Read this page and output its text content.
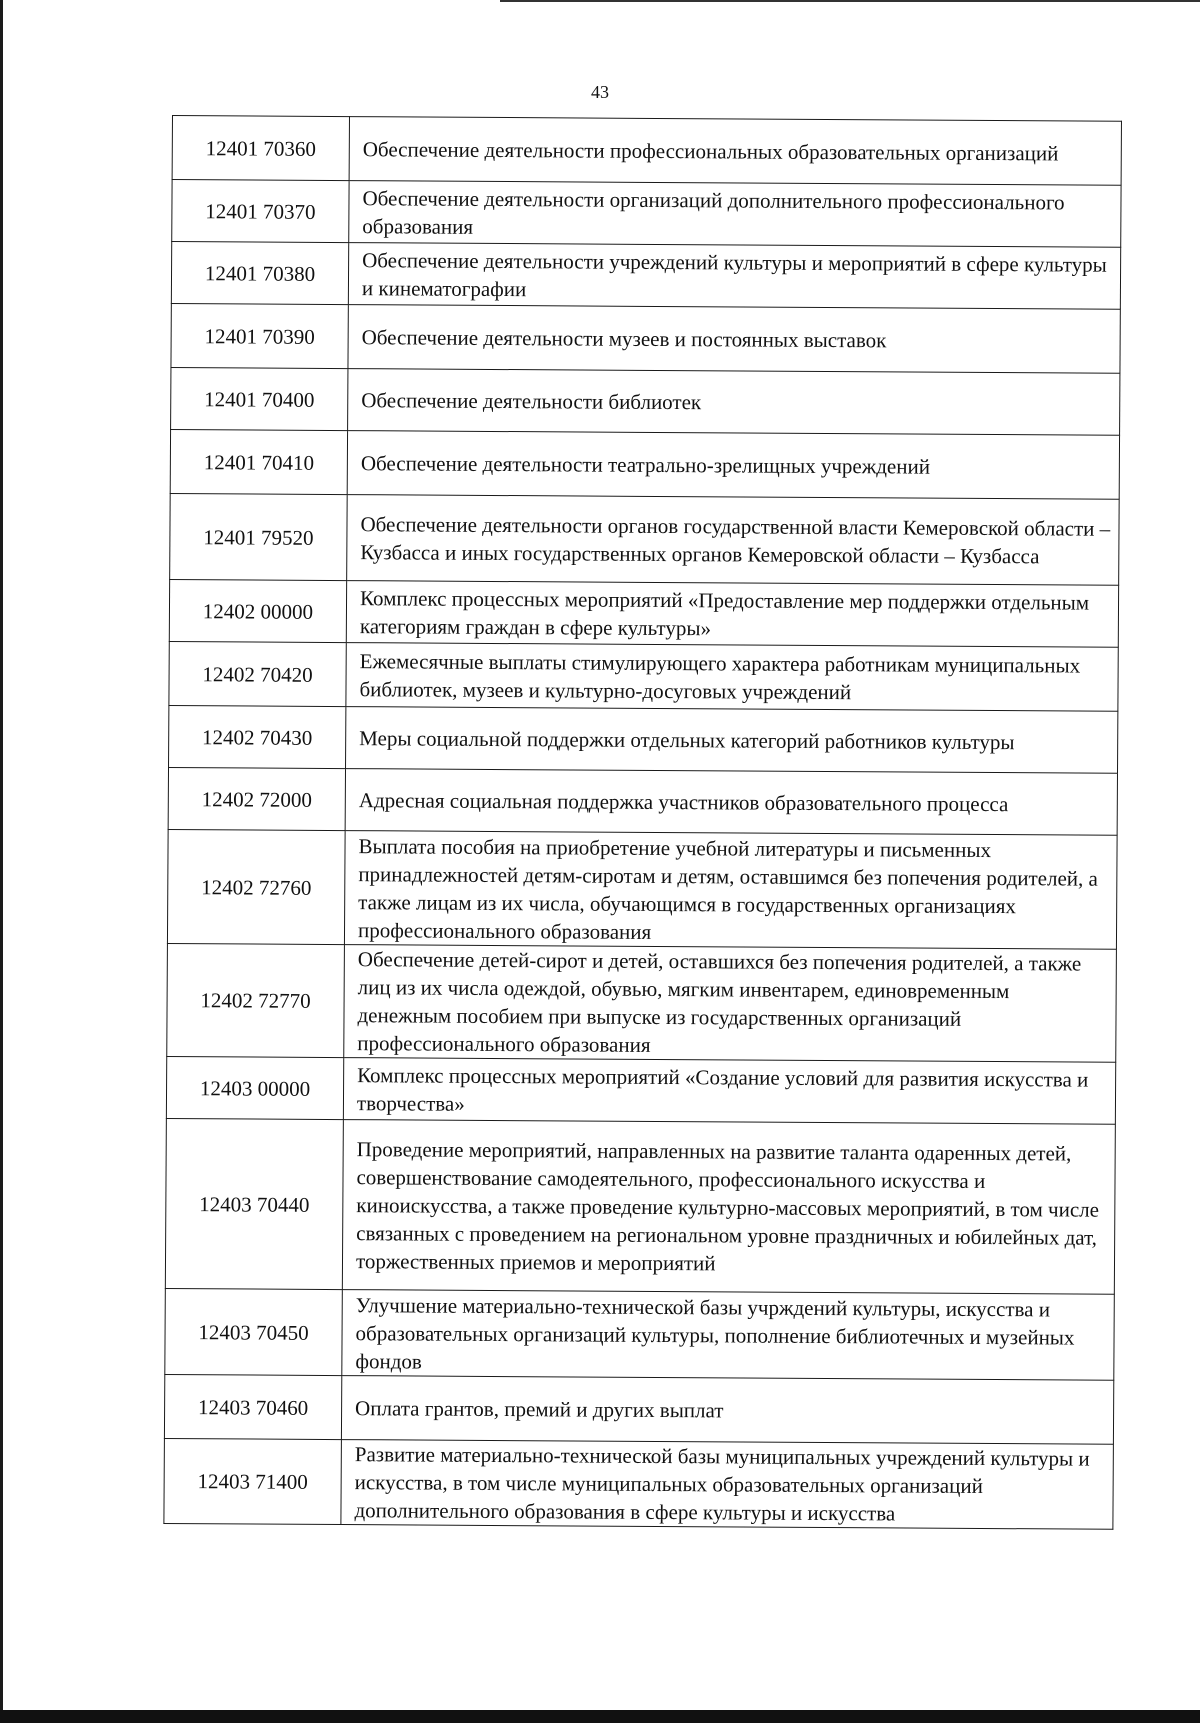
43
12401 70360	Обеспечение деятельности профессиональных образовательных организаций
12401 70370	Обеспечение деятельности организаций дополнительного профессионального образования
12401 70380	Обеспечение деятельности учреждений культуры и мероприятий в сфере культуры и кинематографии
12401 70390	Обеспечение деятельности музеев и постоянных выставок
12401 70400	Обеспечение деятельности библиотек
12401 70410	Обеспечение деятельности театрально-зрелищных учреждений
12401 79520	Обеспечение деятельности органов государственной власти Кемеровской области – Кузбасса и иных государственных органов Кемеровской области – Кузбасса
12402 00000	Комплекс процессных мероприятий «Предоставление мер поддержки отдельным категориям граждан в сфере культуры»
12402 70420	Ежемесячные выплаты стимулирующего характера работникам муниципальных библиотек, музеев и культурно-досуговых учреждений
12402 70430	Меры социальной поддержки отдельных категорий работников культуры
12402 72000	Адресная социальная поддержка участников образовательного процесса
12402 72760	Выплата пособия на приобретение учебной литературы и письменных принадлежностей детям-сиротам и детям, оставшимся без попечения родителей, а также лицам из их числа, обучающимся в государственных организациях профессионального образования
12402 72770	Обеспечение детей-сирот и детей, оставшихся без попечения родителей, а также лиц из их числа одеждой, обувью, мягким инвентарем, единовременным денежным пособием при выпуске из государственных организаций профессионального образования
12403 00000	Комплекс процессных мероприятий «Создание условий для развития искусства и творчества»
12403 70440	Проведение мероприятий, направленных на развитие таланта одаренных детей, совершенствование самодеятельного, профессионального искусства и киноискусства, а также проведение культурно-массовых мероприятий, в том числе связанных с проведением на региональном уровне праздничных и юбилейных дат, торжественных приемов и мероприятий
12403 70450	Улучшение материально-технической базы учрждений культуры, искусства и образовательных организаций культуры, пополнение библиотечных и музейных фондов
12403 70460	Оплата грантов, премий и других выплат
12403 71400	Развитие материально-технической базы муниципальных учреждений культуры и искусства, в том числе муниципальных образовательных организаций дополнительного образования в сфере культуры и искусства
